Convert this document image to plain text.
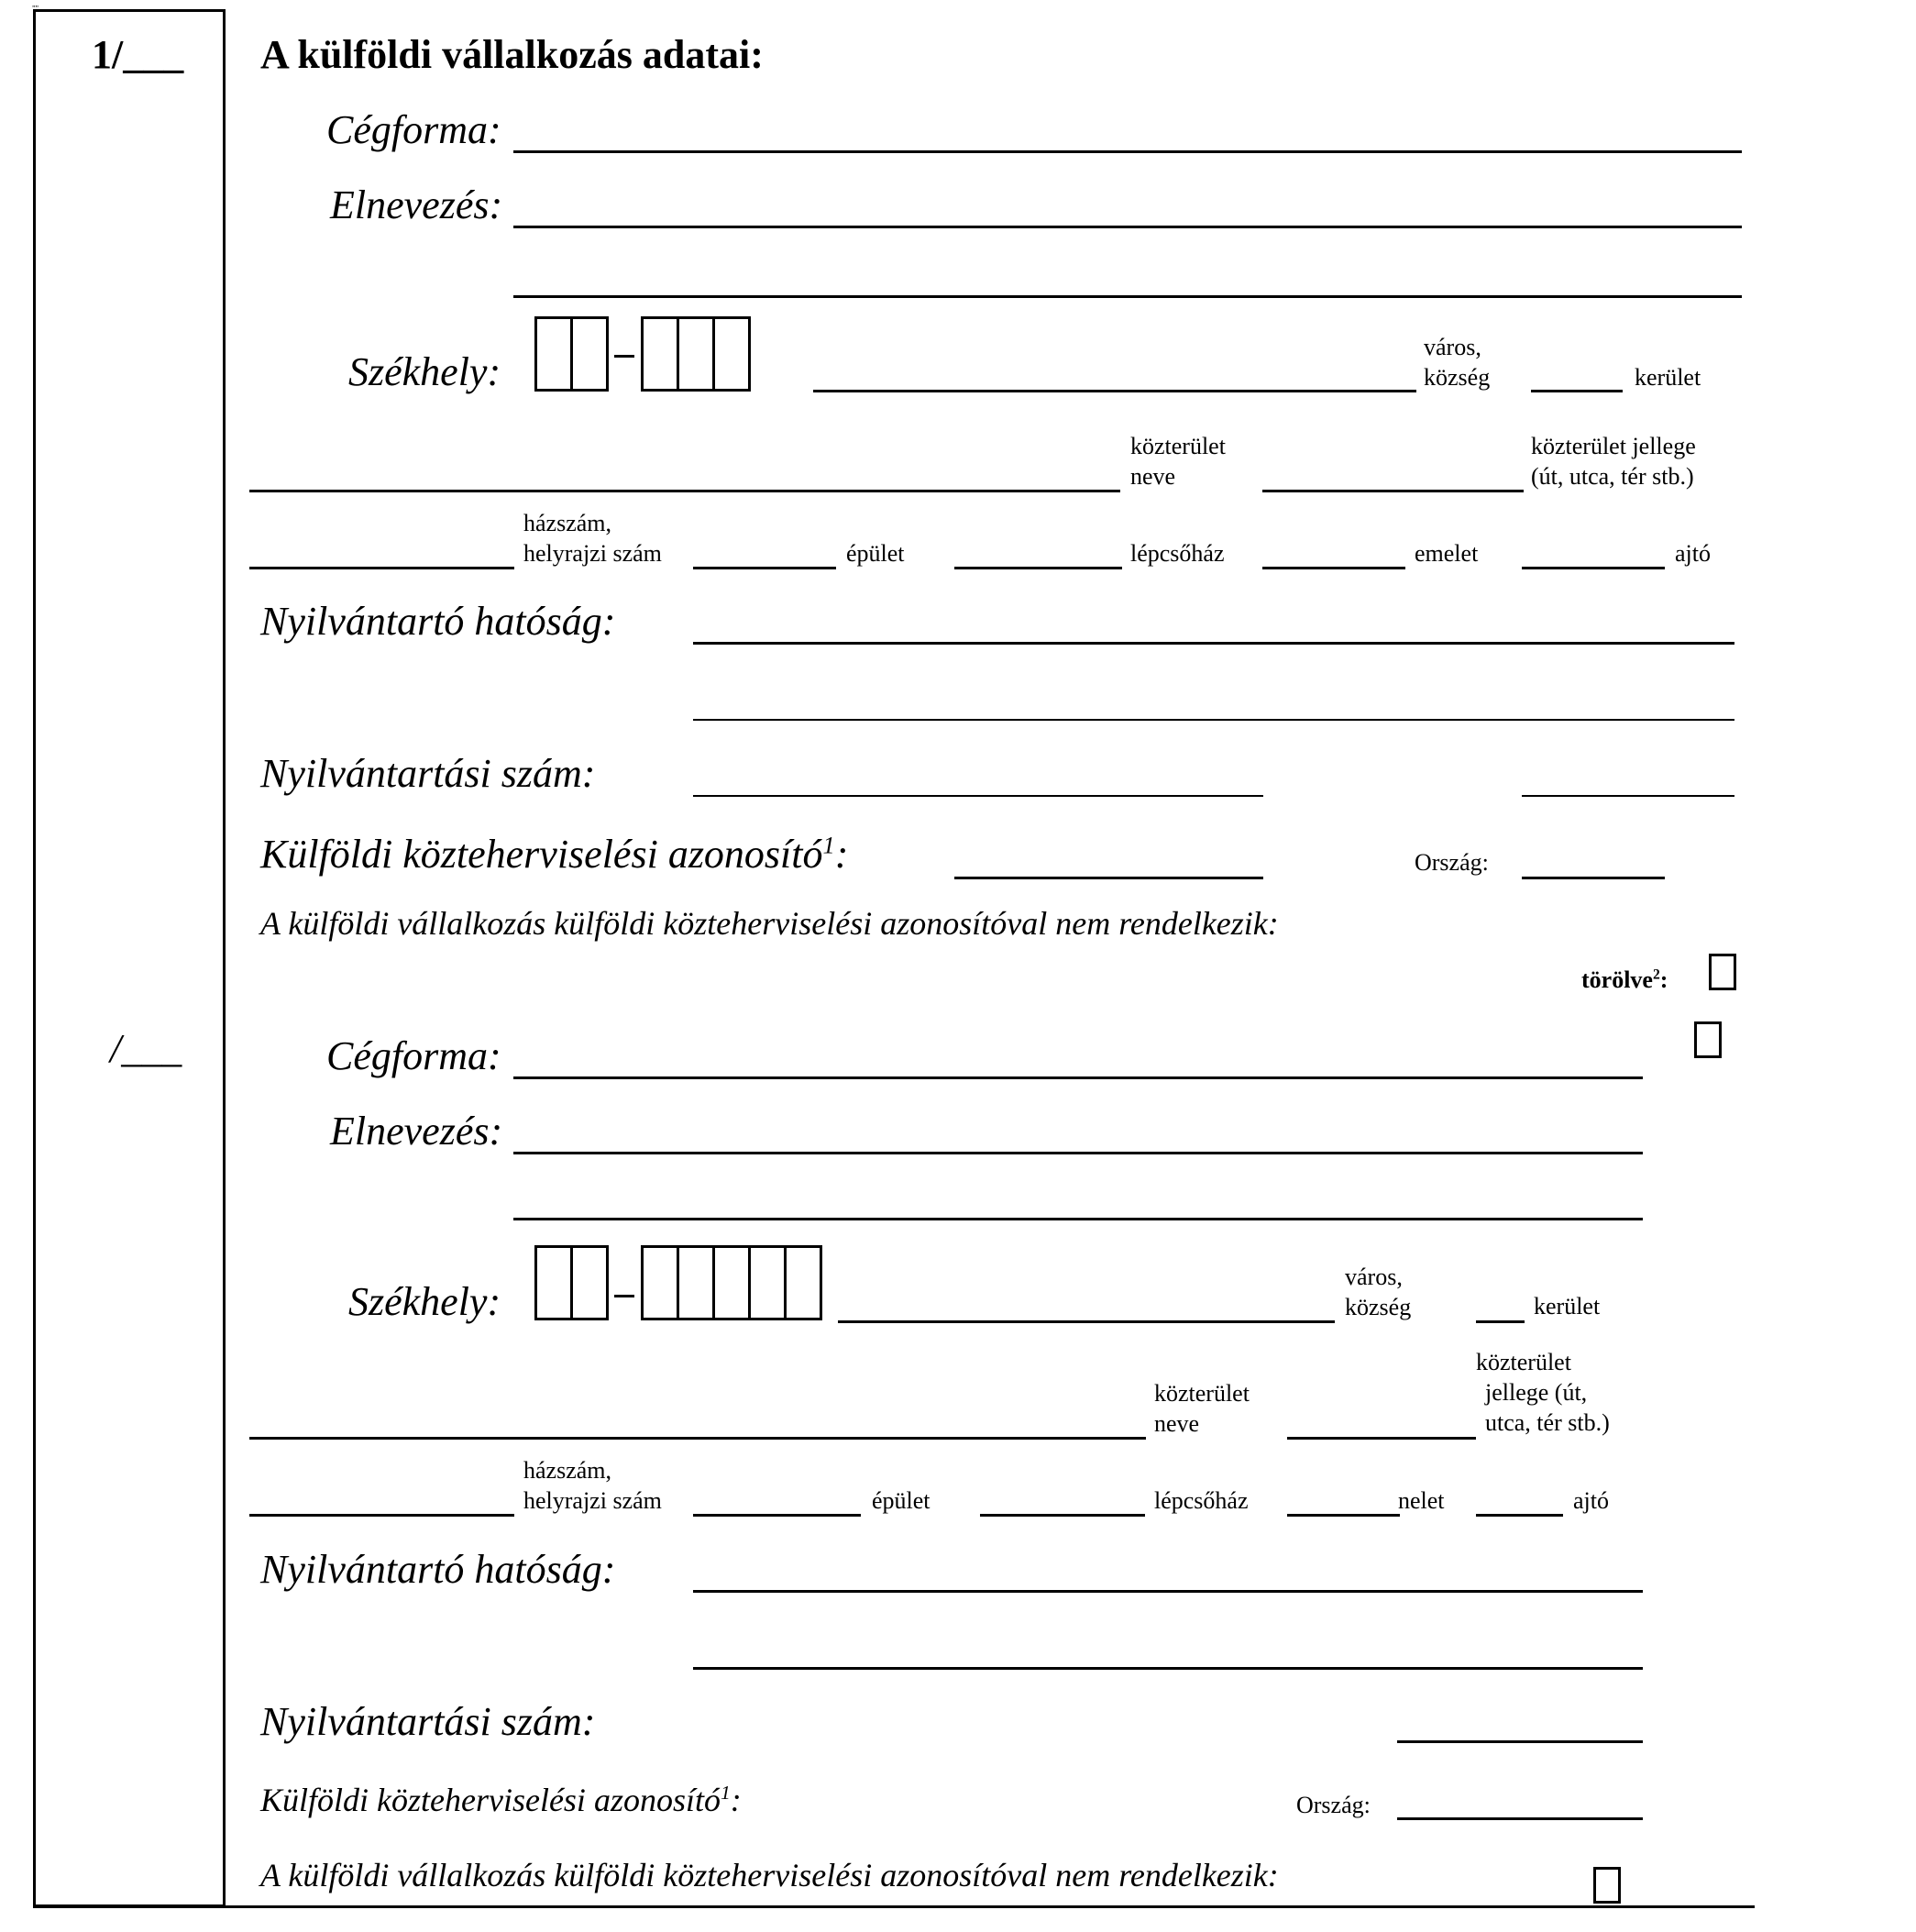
„„
1/___ A külföldi vállalkozás adatai:
Cégforma:
Elnevezés:
Székhely:
város,
község	kerület
közterület
neve
közterület jellege
(út, utca, tér stb.)
házszám,
helyrajzi szám	épület	lépcsőház	emelet	ajtó
Nyilvántartó hatóság:
Nyilvántartási szám:
Külföldi közteherviselési azonosító$^1$:	Ország:
A külföldi vállalkozás külföldi közteherviselési azonosítóval nem rendelkezik:
törölve$^2$:
/___	Cégforma:
Elnevezés:
Székhely:
város,
község	kerület
közterület
neve
közterület
jellege (út,
utca, tér stb.)
házszám,
helyrajzi szám	épület	lépcsőház	nelet	ajtó
Nyilvántartó hatóság:
Nyilvántartási szám:
Külföldi közteherviselési azonosító$^1$:	Ország:
A külföldi vállalkozás külföldi közteherviselési azonosítóval nem rendelkezik:
